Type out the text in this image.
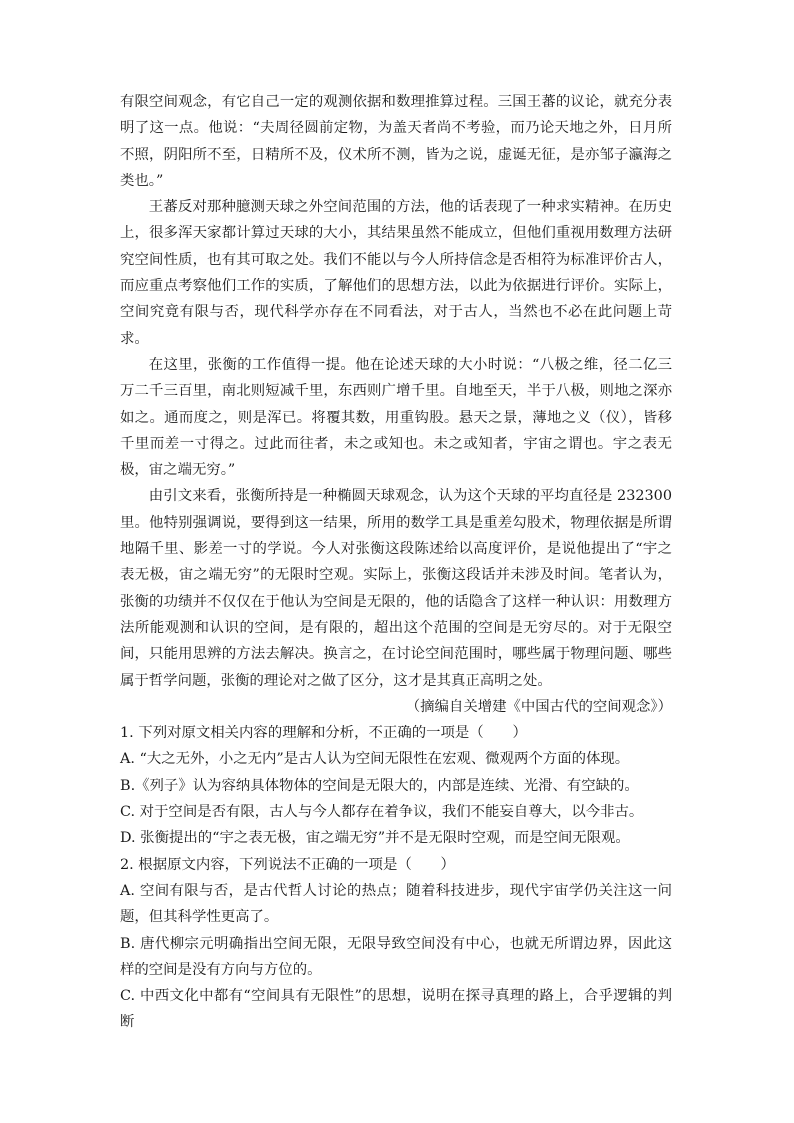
有限空间观念，有它自己一定的观测依据和数理推算过程。三国王蕃的议论，就充分表明了这一点。他说：“夫周径圆前定物，为盖天者尚不考验，而乃论天地之外，日月所不照，阴阳所不至，日精所不及，仪术所不测，皆为之说，虚诞无征，是亦邹子瀛海之类也。”

王蕃反对那种臆测天球之外空间范围的方法，他的话表现了一种求实精神。在历史上，很多浑天家都计算过天球的大小，其结果虽然不能成立，但他们重视用数理方法研究空间性质，也有其可取之处。我们不能以与今人所持信念是否相符为标准评价古人，而应重点考察他们工作的实质，了解他们的思想方法，以此为依据进行评价。实际上，空间究竟有限与否，现代科学亦存在不同看法，对于古人，当然也不必在此问题上苛求。

在这里，张衡的工作值得一提。他在论述天球的大小时说：“八极之维，径二亿三万二千三百里，南北则短减千里，东西则广增千里。自地至天，半于八极，则地之深亦如之。通而度之，则是浑已。将覆其数，用重钩股。悬天之景，薄地之义（仪），皆移千里而差一寸得之。过此而往者，未之或知也。未之或知者，宇宙之谓也。宇之表无极，宙之端无穷。”

由引文来看，张衡所持是一种椭圆天球观念，认为这个天球的平均直径是 232300 里。他特别强调说，要得到这一结果，所用的数学工具是重差勾股术，物理依据是所谓地隔千里、影差一寸的学说。今人对张衡这段陈述给以高度评价，是说他提出了“宇之表无极，宙之端无穷”的无限时空观。实际上，张衡这段话并未涉及时间。笔者认为，张衡的功绩并不仅仅在于他认为空间是无限的，他的话隐含了这样一种认识：用数理方法所能观测和认识的空间，是有限的，超出这个范围的空间是无穷尽的。对于无限空间，只能用思辨的方法去解决。换言之，在讨论空间范围时，哪些属于物理问题、哪些属于哲学问题，张衡的理论对之做了区分，这才是其真正高明之处。

（摘编自关增建《中国古代的空间观念》）

1. 下列对原文相关内容的理解和分析，不正确的一项是（　　）

A. “大之无外，小之无内”是古人认为空间无限性在宏观、微观两个方面的体现。

B.《列子》认为容纳具体物体的空间是无限大的，内部是连续、光滑、有空缺的。

C. 对于空间是否有限，古人与今人都存在着争议，我们不能妄自尊大，以今非古。

D. 张衡提出的“宇之表无极，宙之端无穷”并不是无限时空观，而是空间无限观。

2. 根据原文内容，下列说法不正确的一项是（　　）

A. 空间有限与否，是古代哲人讨论的热点；随着科技进步，现代宇宙学仍关注这一问题，但其科学性更高了。

B. 唐代柳宗元明确指出空间无限，无限导致空间没有中心，也就无所谓边界，因此这样的空间是没有方向与方位的。

C. 中西文化中都有“空间具有无限性”的思想，说明在探寻真理的路上，合乎逻辑的判断
